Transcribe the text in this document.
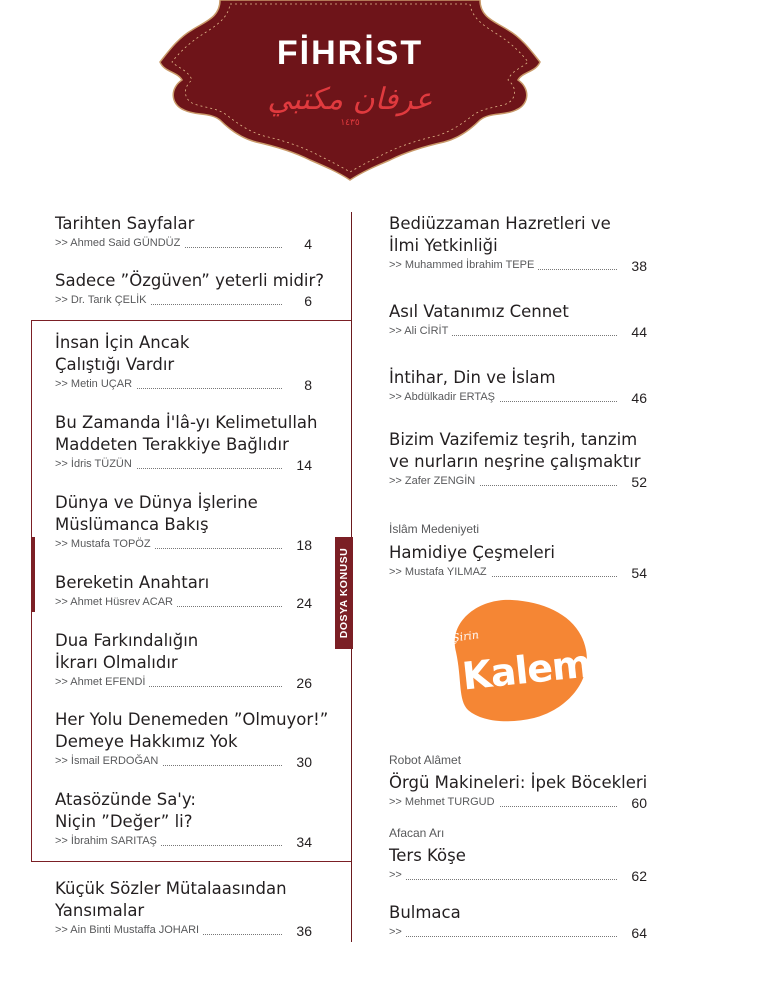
FİHRİST
عرفان مكتبي
١٤٣٥
DOSYA KONUSU
Tarihten Sayfalar
>> Ahmed Said GÜNDÜZ	4
Sadece ”Özgüven” yeterli midir?
>> Dr. Tarık ÇELİK	6
İnsan İçin Ancak
Çalıştığı Vardır
>> Metin UÇAR	8
Bu Zamanda İ'lâ-yı Kelimetullah
Maddeten Terakkiye Bağlıdır
>> İdris TÜZÜN	14
Dünya ve Dünya İşlerine
Müslümanca Bakış
>> Mustafa TOPÖZ	18
Bereketin Anahtarı
>> Ahmet Hüsrev ACAR	24
Dua Farkındalığın
İkrarı Olmalıdır
>> Ahmet EFENDİ	26
Her Yolu Denemeden ”Olmuyor!”
Demeye Hakkımız Yok
>> İsmail ERDOĞAN	30
Atasözünde Sa'y:
Niçin ”Değer” li?
>> İbrahim SARITAŞ	34
Küçük Sözler Mütalaasından
Yansımalar
>> Ain Binti Mustaffa JOHARI	36
Bediüzzaman Hazretleri ve
İlmi Yetkinliği
>> Muhammed İbrahim TEPE	38
Asıl Vatanımız Cennet
>> Ali CİRİT	44
İntihar, Din ve İslam
>> Abdülkadir ERTAŞ	46
Bizim Vazifemiz teşrih, tanzim
ve nurların neşrine çalışmaktır
>> Zafer ZENGİN	52
İslâm Medeniyeti
Hamidiye Çeşmeleri
>> Mustafa YILMAZ	54
Şirin
Kalem
Robot Alâmet
Örgü Makineleri: İpek Böcekleri
>> Mehmet TURGUD	60
Afacan Arı
Ters Köşe
>>	62
Bulmaca
>>	64
